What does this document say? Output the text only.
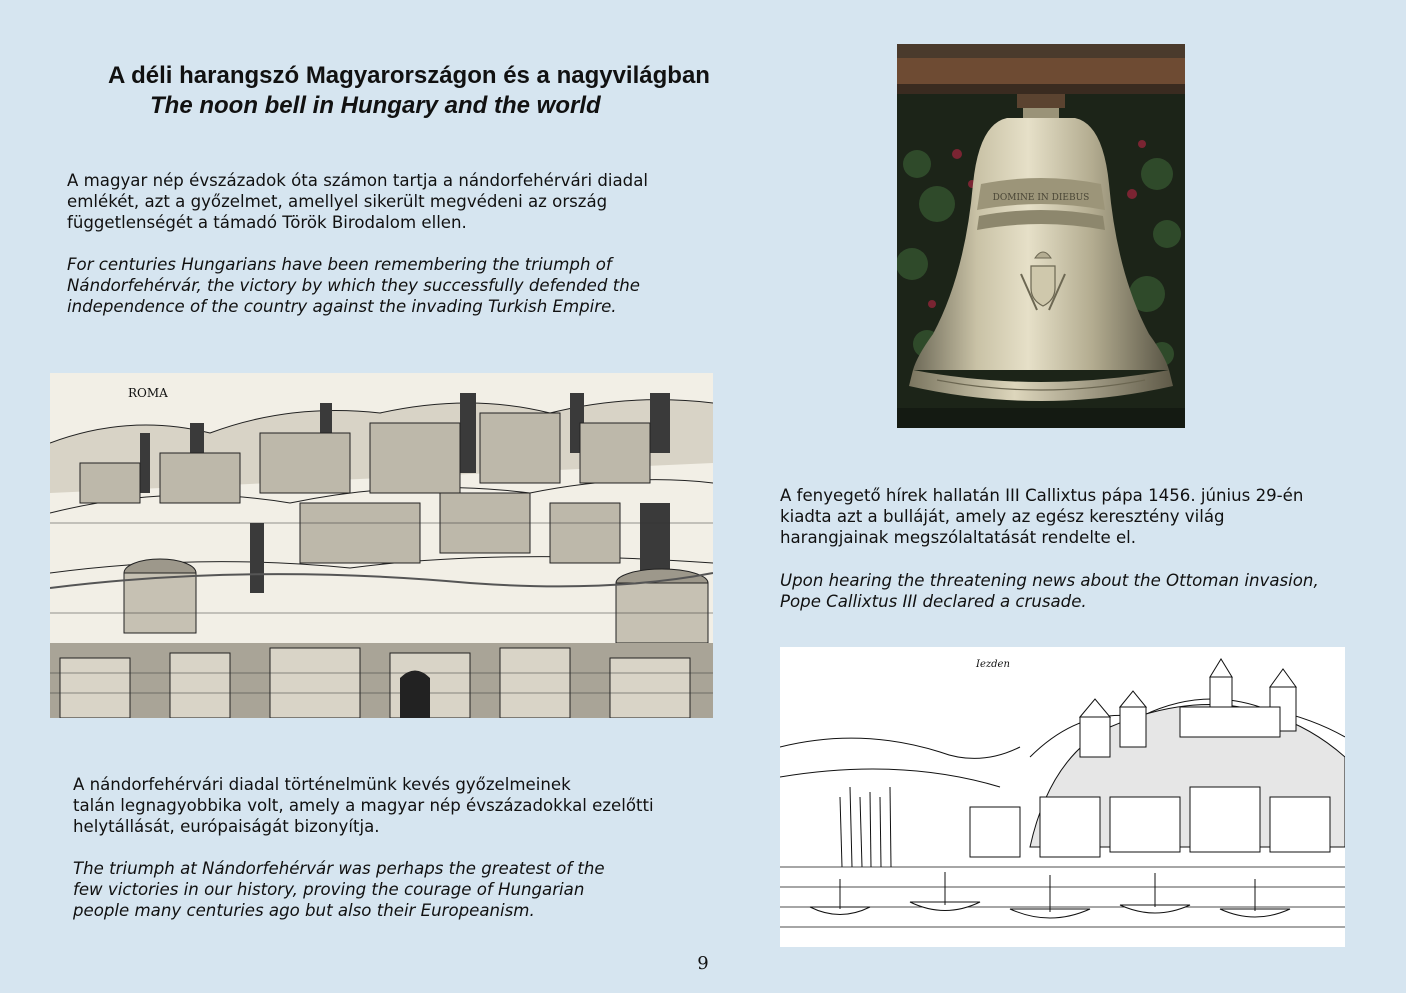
A déli harangszó Magyarországon és a nagyvilágban
The noon bell in Hungary and the world

A magyar nép évszázadok óta számon tartja a nándorfehérvári diadal
emlékét, azt a győzelmet, amellyel sikerült megvédeni az ország
függetlenségét a támadó Török Birodalom ellen.

For centuries Hungarians have been remembering the triumph of
Nándorfehérvár, the victory by which they successfully defended the
independence of the country against the invading Turkish Empire.

DOMINE IN DIEBUS
ROMA

A fenyegető hírek hallatán III Callixtus pápa 1456. június 29-én
kiadta azt a bulláját, amely az egész keresztény világ
harangjainak megszólaltatását rendelte el.

Upon hearing the threatening news about the Ottoman invasion,
Pope Callixtus III declared a crusade.

Iezden

A nándorfehérvári diadal történelmünk kevés győzelmeinek
talán legnagyobbika volt, amely a magyar nép évszázadokkal ezelőtti
helytállását, európaiságát bizonyítja.

The triumph at Nándorfehérvár was perhaps the greatest of the
few victories in our history, proving the courage of Hungarian
people many centuries ago but also their Europeanism.

9
